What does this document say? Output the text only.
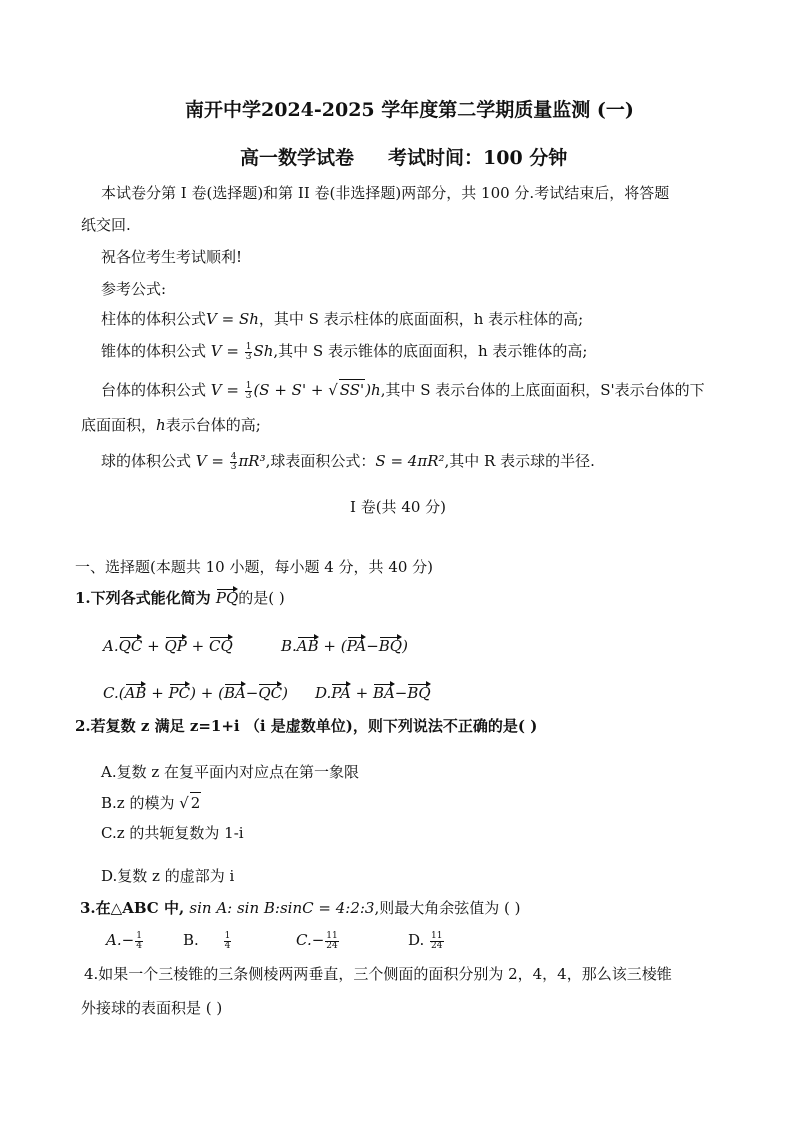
南开中学2024-2025 学年度第二学期质量监测 (一)
高一数学试卷 考试时间：100 分钟
本试卷分第 I 卷(选择题)和第 II 卷(非选择题)两部分，共 100 分.考试结束后，将答题
纸交回.
祝各位考生考试顺利!
参考公式:
柱体的体积公式V = Sh，其中 S 表示柱体的底面面积，h 表示柱体的高;
锥体的体积公式 $V = \frac{1}{3} Sh$,其中 S 表示锥体的底面面积，h 表示锥体的高;
台体的体积公式 $V = \frac{1}{3} (S + S'$ + √ SS')h,其中 S 表示台体的上底面面积，S'表示台体的下
底面面积，h表示台体的高;
球的体积公式 $V = \frac{4}{3} \pi R^3$,球表面积公式：S = 4πR²,其中 R 表示球的半径.
I 卷(共 40 分)
一、选择题(本题共 10 小题，每小题 4 分，共 40 分)
1.下列各式能化简为 PQ的是( )
A.QC + QP + CQ	B.AB + (PA−BQ)
C.(AB + PC) + (BA−QC) D.PA + BA−BQ
2.若复数 z 满足 z=1+i （i 是虚数单位)，则下列说法不正确的是( )
A.复数 z 在复平面内对应点在第一象限
B.z 的模为 √ 2
C.z 的共轭复数为 1-i
D.复数 z 的虚部为 i
3.在△ABC 中, sin A: sin B:sinC = 4:2:3,则最大角余弦值为 ( )
$A.- \frac{1}{4}$	B.	$\frac{1}{4}$	$C.- \frac{11}{24}$	D. $\frac{11}{24}$
4.如果一个三棱锥的三条侧棱两两垂直，三个侧面的面积分别为 2，4，4，那么该三棱锥
外接球的表面积是 ( )
